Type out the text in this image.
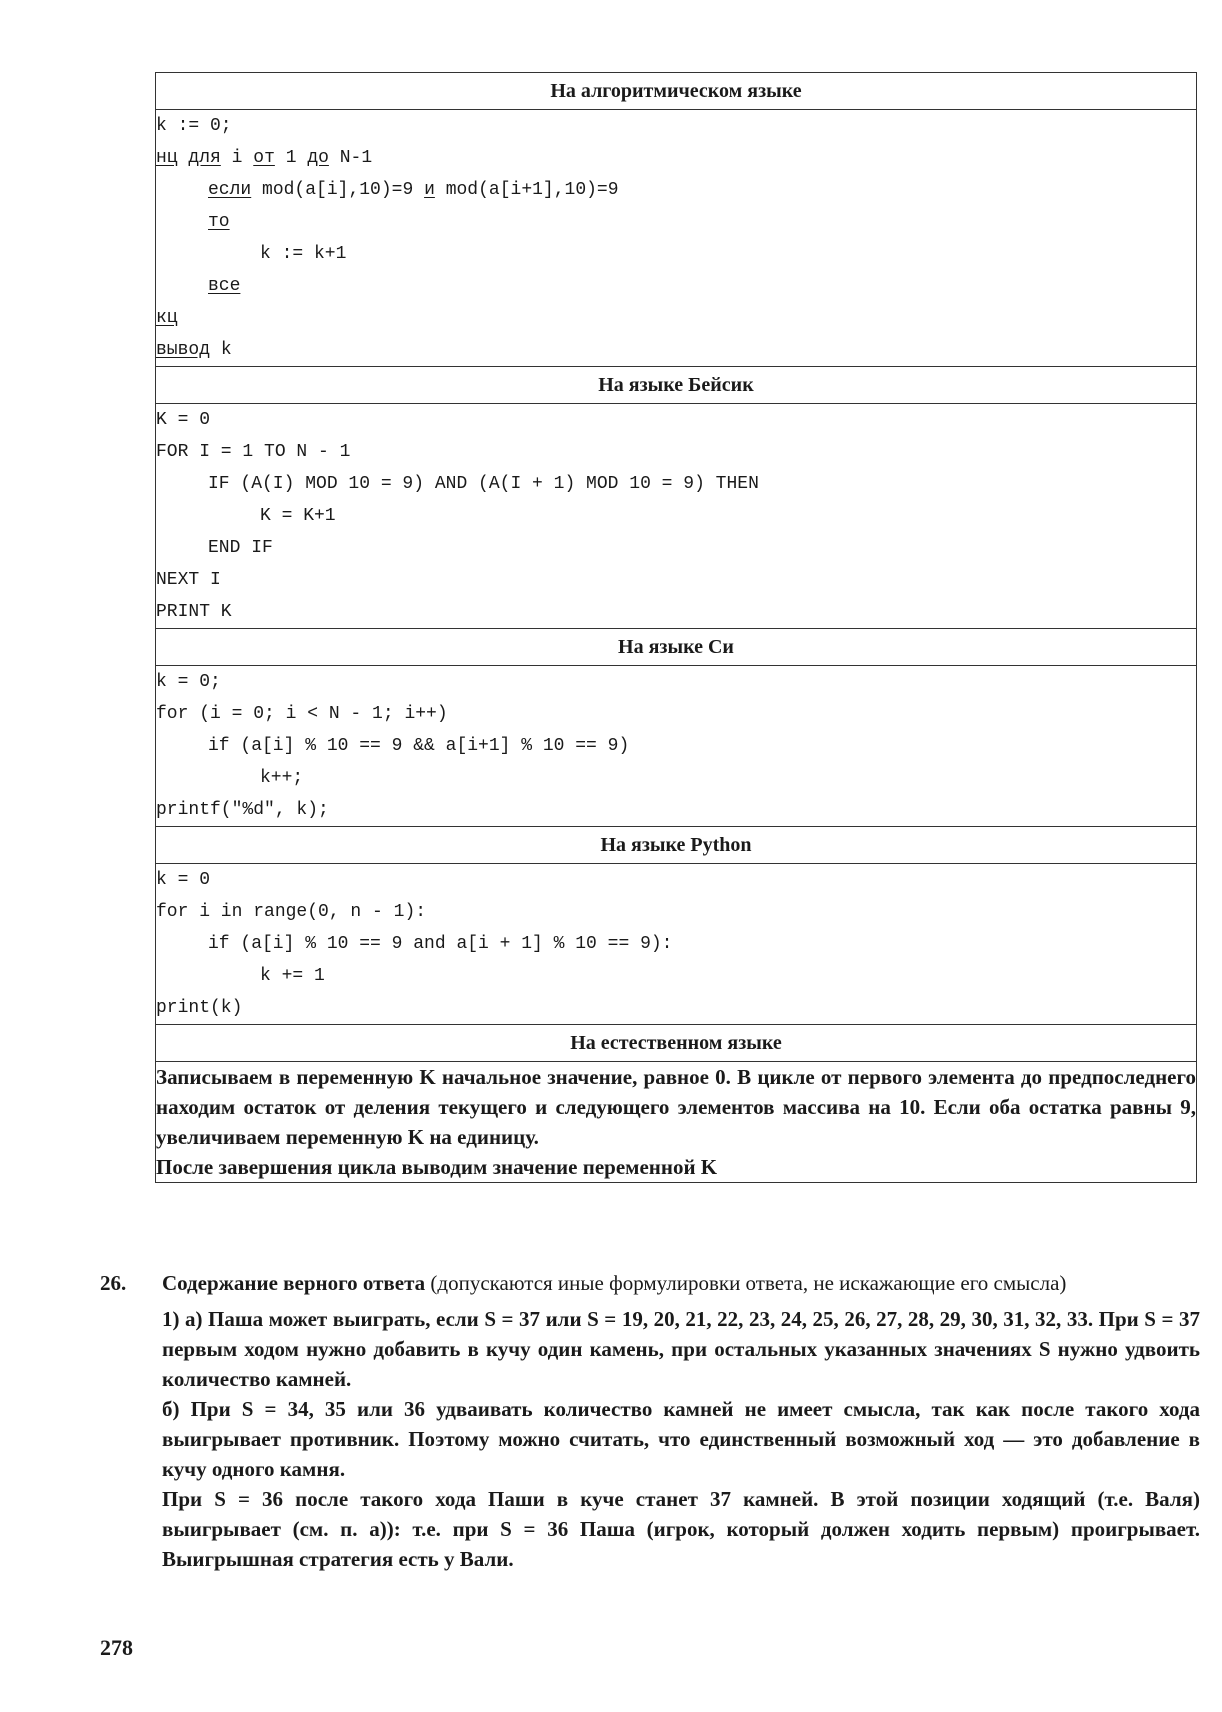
На алгоритмическом языке

k := 0;
нц для i от 1 до N-1
если mod(a[i],10)=9 и mod(a[i+1],10)=9
то
k := k+1
все
кц
вывод k

На языке Бейсик

K = 0
FOR I = 1 TO N - 1
IF (A(I) MOD 10 = 9) AND (A(I + 1) MOD 10 = 9) THEN
K = K+1
END IF
NEXT I
PRINT K

На языке Си

k = 0;
for (i = 0; i < N - 1; i++)
if (a[i] % 10 == 9 && a[i+1] % 10 == 9)
k++;
printf("%d", k);

На языке Python

k = 0
for i in range(0, n - 1):
if (a[i] % 10 == 9 and a[i + 1] % 10 == 9):
k += 1
print(k)

На естественном языке

Записываем в переменную K начальное значение, равное 0. В цикле от первого элемента до предпоследнего находим остаток от деления текущего и следующего элементов массива на 10. Если оба остатка равны 9, увеличиваем переменную K на единицу.
После завершения цикла выводим значение переменной K
26. Содержание верного ответа (допускаются иные формулировки ответа, не искажающие его смысла)

1) а) Паша может выиграть, если S = 37 или S = 19, 20, 21, 22, 23, 24, 25, 26, 27, 28, 29, 30, 31, 32, 33. При S = 37 первым ходом нужно добавить в кучу один камень, при остальных указанных значениях S нужно удвоить количество камней.

б) При S = 34, 35 или 36 удваивать количество камней не имеет смысла, так как после такого хода выигрывает противник. Поэтому можно считать, что единственный возможный ход — это добавление в кучу одного камня.

При S = 36 после такого хода Паши в куче станет 37 камней. В этой позиции ходящий (т.е. Валя) выигрывает (см. п. а)): т.е. при S = 36 Паша (игрок, который должен ходить первым) проигрывает. Выигрышная стратегия есть у Вали.

278
